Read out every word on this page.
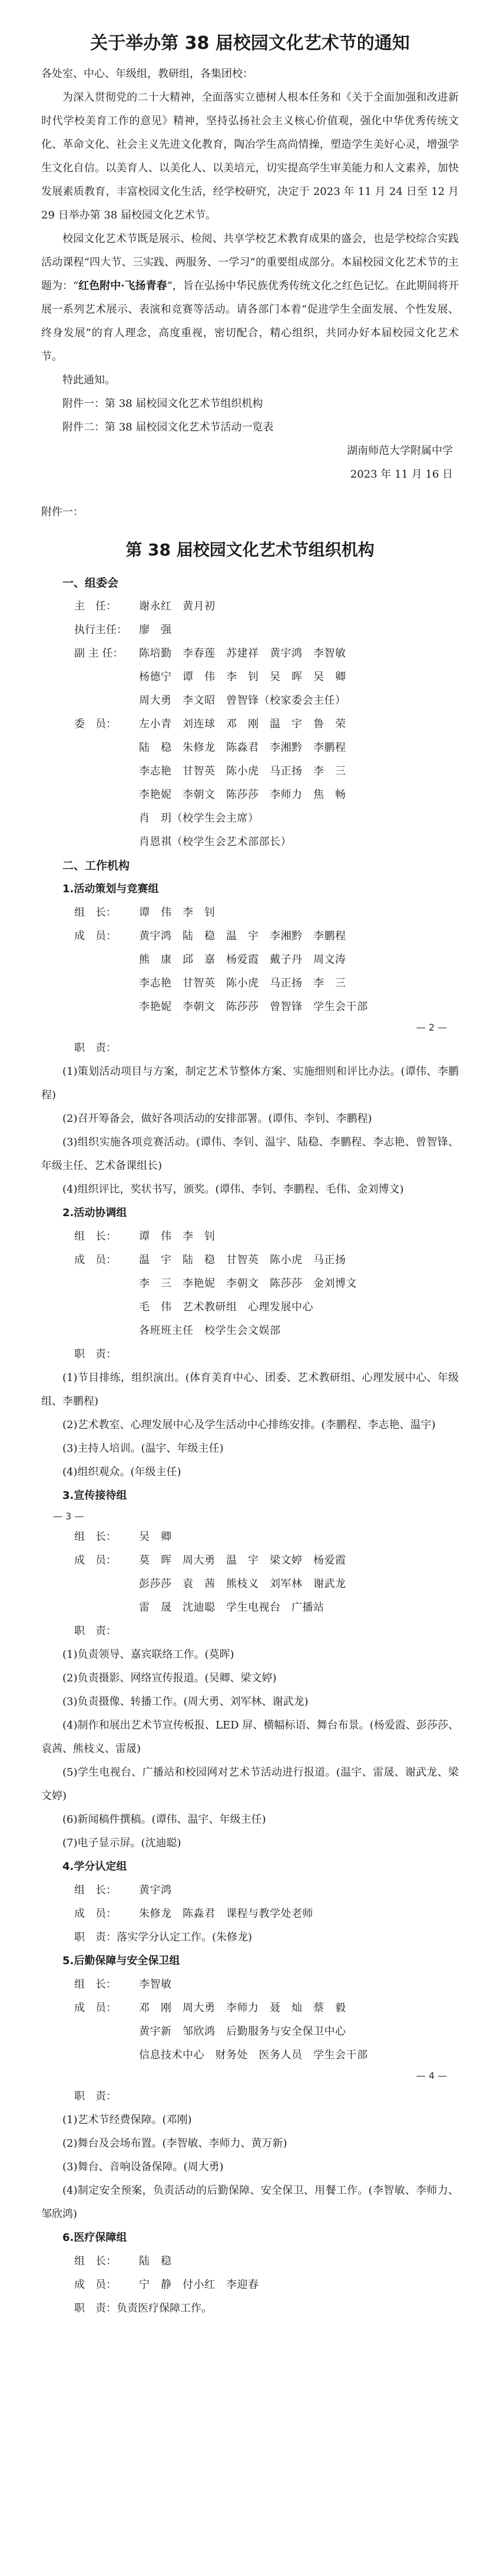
关于举办第 38 届校园文化艺术节的通知

各处室、中心、年级组，教研组，各集团校：

为深入贯彻党的二十大精神，全面落实立德树人根本任务和《关于全面加强和改进新时代学校美育工作的意见》精神，坚持弘扬社会主义核心价值观，强化中华优秀传统文化、革命文化、社会主义先进文化教育，陶冶学生高尚情操，塑造学生美好心灵，增强学生文化自信。以美育人、以美化人、以美培元，切实提高学生审美能力和人文素养，加快发展素质教育，丰富校园文化生活，经学校研究，决定于 2023 年 11 月 24 日至 12 月 29 日举办第 38 届校园文化艺术节。

校园文化艺术节既是展示、检阅、共享学校艺术教育成果的盛会，也是学校综合实践活动课程“四大节、三实践、两服务、一学习”的重要组成部分。本届校园文化艺术节的主题为：“红色附中·飞扬青春”，旨在弘扬中华民族优秀传统文化之红色记忆。在此期间将开展一系列艺术展示、表演和竞赛等活动。请各部门本着“促进学生全面发展、个性发展、终身发展”的育人理念，高度重视，密切配合，精心组织，共同办好本届校园文化艺术节。

特此通知。

附件一：第 38 届校园文化艺术节组织机构

附件二：第 38 届校园文化艺术节活动一览表

湖南师范大学附属中学

2023 年 11 月 16 日

附件一：

第 38 届校园文化艺术节组织机构
一、组委会
主　任：	谢永红　黄月初
执行主任：	廖　强
副 主 任：	陈培勤　李春莲　苏建祥　黄宇鸿　李智敏
杨德宁　谭　伟　李　钊　吴　晖　吴　卿
周大勇　李文昭　曾智锋（校家委会主任）
委　员：	左小青　刘连球　邓　刚　温　宇　鲁　荣
陆　稳　朱修龙　陈淼君　李湘黔　李鹏程
李志艳　甘智英　陈小虎　马正扬　李　三
李艳妮　李朝文　陈莎莎　李师力　焦　畅
肖　玥（校学生会主席）
肖恩祺（校学生会艺术部部长）
二、工作机构
1.活动策划与竞赛组
组　长：	谭　伟　李　钊
成　员：	黄宇鸿　陆　稳　温　宇　李湘黔　李鹏程
熊　康　邱　嘉　杨爱霞　戴子丹　周文涛
李志艳　甘智英　陈小虎　马正扬　李　三
李艳妮　李朝文　陈莎莎　曾智锋　学生会干部
— 2 —
职　责：
(1)策划活动项目与方案，制定艺术节整体方案、实施细则和评比办法。(谭伟、李鹏程)
(2)召开筹备会，做好各项活动的安排部署。(谭伟、李钊、李鹏程)
(3)组织实施各项竞赛活动。(谭伟、李钊、温宇、陆稳、李鹏程、李志艳、曾智锋、年级主任、艺术备课组长)
(4)组织评比，奖状书写，颁奖。(谭伟、李钊、李鹏程、毛伟、金刘博文)
2.活动协调组
组　长：	谭　伟　李　钊
成　员：	温　宇　陆　稳　甘智英　陈小虎　马正扬
李　三　李艳妮　李朝文　陈莎莎　金刘博文
毛　伟　艺术教研组　心理发展中心
各班班主任　校学生会文娱部
职　责：
(1)节目排练，组织演出。(体育美育中心、团委、艺术教研组、心理发展中心、年级组、李鹏程)
(2)艺术教室、心理发展中心及学生活动中心排练安排。(李鹏程、李志艳、温宇)
(3)主持人培训。(温宇、年级主任)
(4)组织观众。(年级主任)
3.宣传接待组
— 3 —
组　长：	吴　卿
成　员：	莫　晖　周大勇　温　宇　梁文婷　杨爱霞
彭莎莎　袁　茜　熊枝义　刘军林　谢武龙
雷　晟　沈迪聪　学生电视台　广播站
职　责：
(1)负责领导、嘉宾联络工作。(莫晖)
(2)负责摄影、网络宣传报道。(吴卿、梁文婷)
(3)负责摄像、转播工作。(周大勇、刘军林、谢武龙)
(4)制作和展出艺术节宣传板报、LED 屏、横幅标语、舞台布景。(杨爱霞、彭莎莎、袁茜、熊枝义、雷晟)
(5)学生电视台、广播站和校园网对艺术节活动进行报道。(温宇、雷晟、谢武龙、梁文婷)
(6)新闻稿件撰稿。(谭伟、温宇、年级主任)
(7)电子显示屏。(沈迪聪)
4.学分认定组
组　长：	黄宇鸿
成　员：	朱修龙　陈淼君　课程与教学处老师
职　责：落实学分认定工作。(朱修龙)
5.后勤保障与安全保卫组
组　长：	李智敏
成　员：	邓　刚　周大勇　李师力　聂　灿　蔡　毅
黄宇新　邹欣鸿　后勤服务与安全保卫中心
信息技术中心　财务处　医务人员　学生会干部
— 4 —
职　责：
(1)艺术节经费保障。(邓刚)
(2)舞台及会场布置。(李智敏、李师力、黄万新)
(3)舞台、音响设备保障。(周大勇)
(4)制定安全预案，负责活动的后勤保障、安全保卫、用餐工作。(李智敏、李师力、邹欣鸿)
6.医疗保障组
组　长：	陆　稳
成　员：	宁　静　付小红　李迎春
职　责：负责医疗保障工作。
